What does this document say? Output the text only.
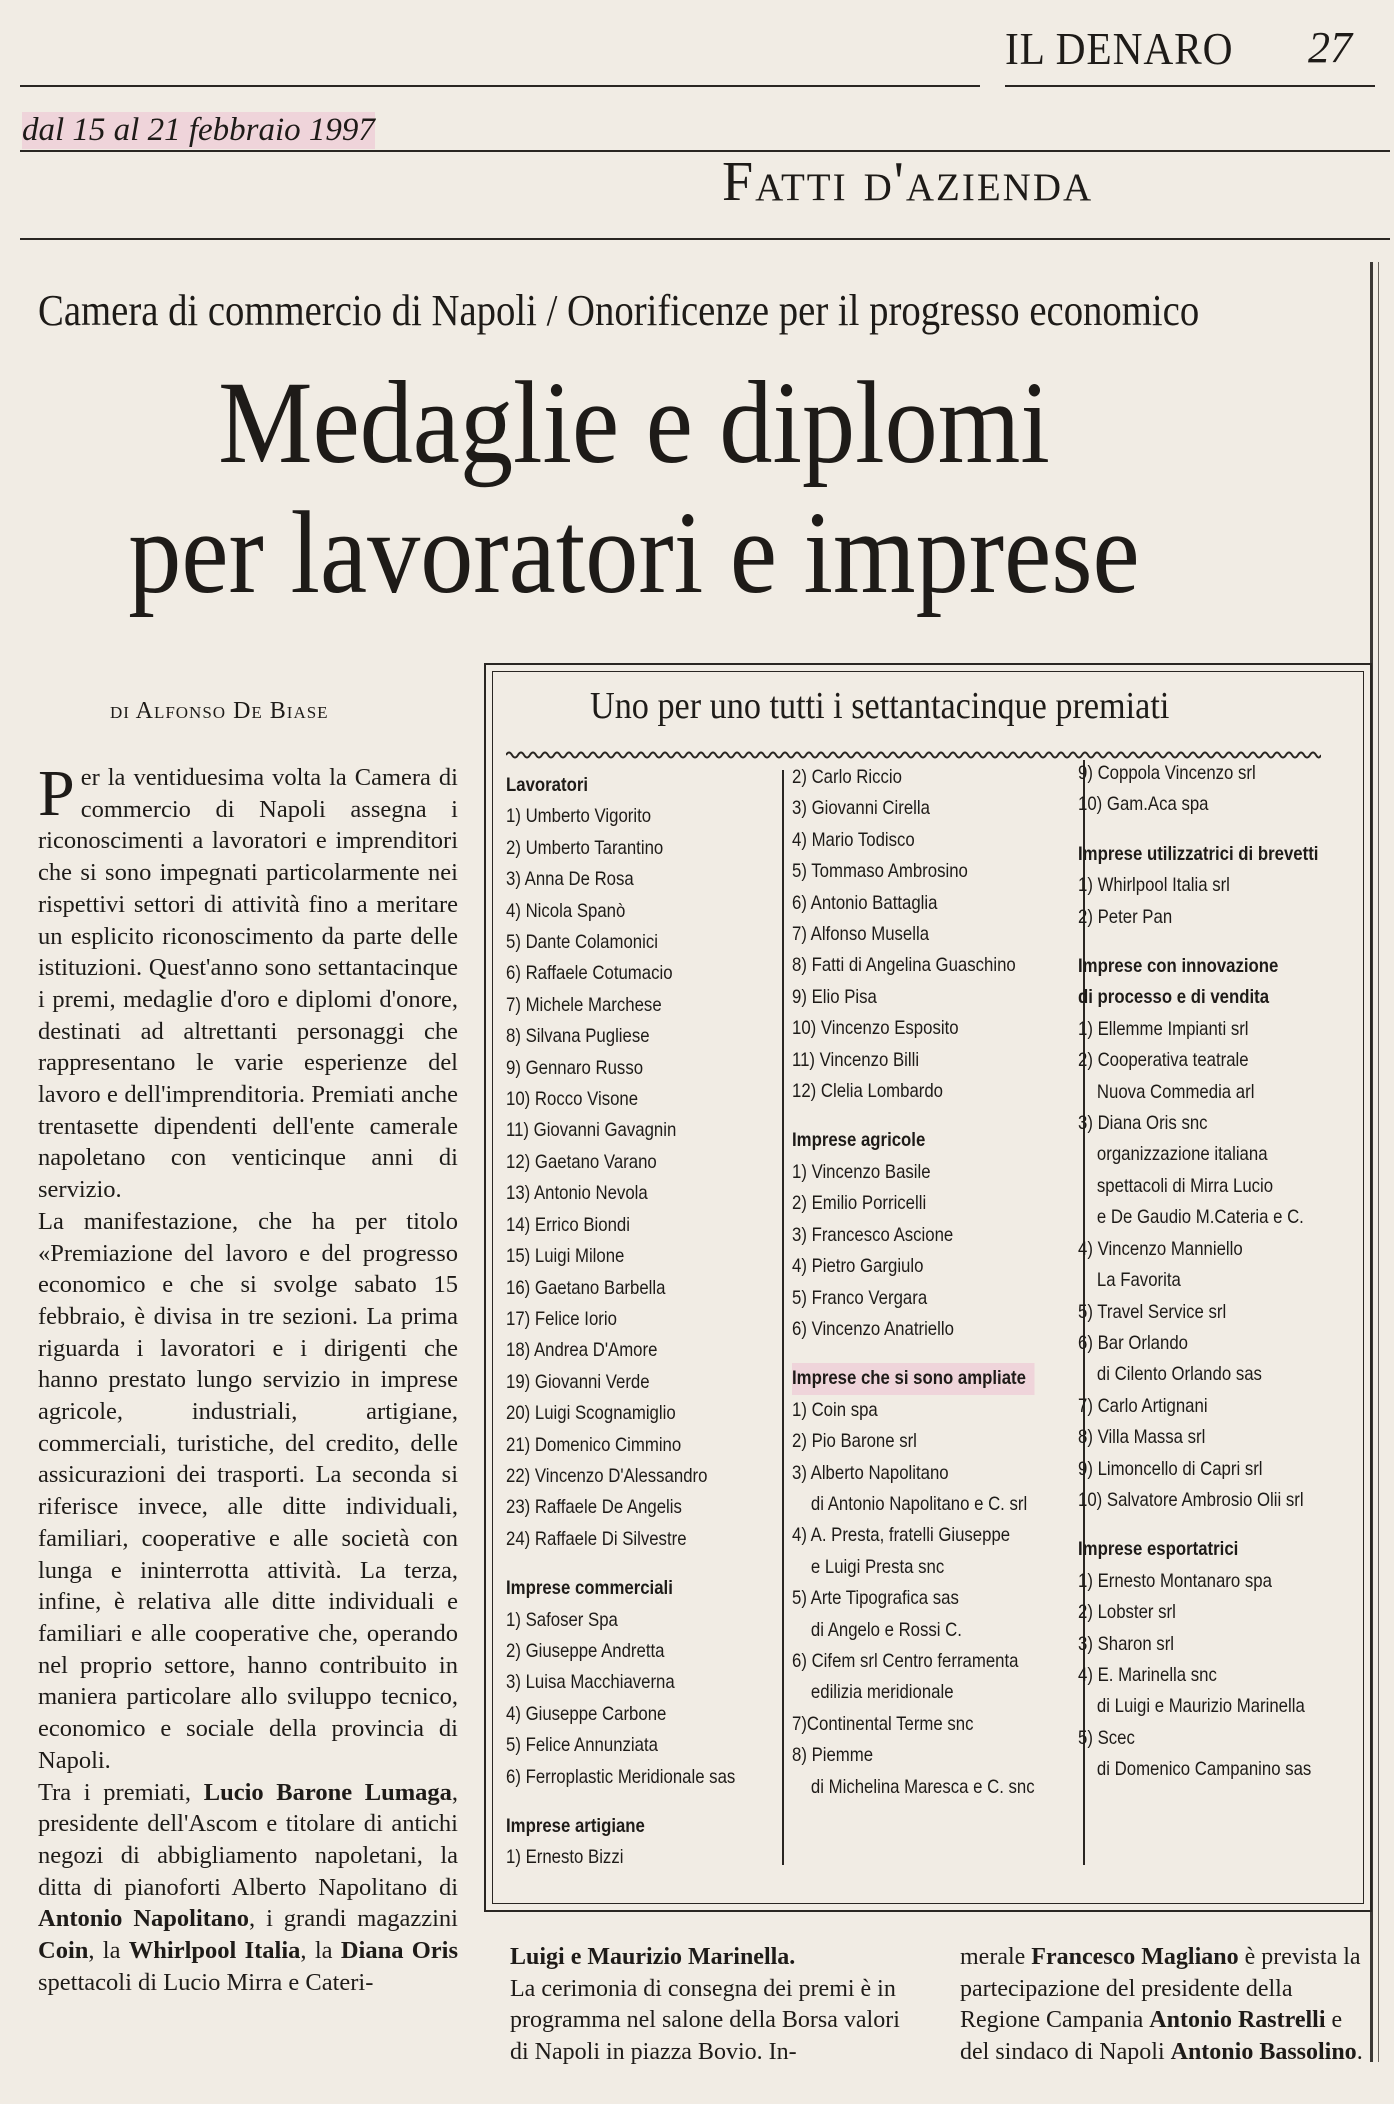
IL DENARO 27
dal 15 al 21 febbraio 1997
Fatti d'azienda
Camera di commercio di Napoli / Onorificenze per il progresso economico
Medaglie e diplomi
per lavoratori e imprese
di Alfonso De Biase

Per la ventiduesima volta la Camera di commercio di Napoli assegna i riconoscimenti a lavoratori e imprenditori che si sono impegnati particolarmente nei rispettivi settori di attività fino a meritare un esplicito riconoscimento da parte delle istituzioni. Quest'anno sono settantacinque i premi, medaglie d'oro e diplomi d'onore, destinati ad altrettanti personaggi che rappresentano le varie esperienze del lavoro e dell'imprenditoria. Premiati anche trentasette dipendenti dell'ente camerale napoletano con venticinque anni di servizio.

La manifestazione, che ha per titolo «Premiazione del lavoro e del progresso economico e che si svolge sabato 15 febbraio, è divisa in tre sezioni. La prima riguarda i lavoratori e i dirigenti che hanno prestato lungo servizio in imprese agricole, industriali, artigiane, commerciali, turistiche, del credito, delle assicurazioni dei trasporti. La seconda si riferisce invece, alle ditte individuali, familiari, cooperative e alle società con lunga e ininterrotta attività. La terza, infine, è relativa alle ditte individuali e familiari e alle cooperative che, operando nel proprio settore, hanno contribuito in maniera particolare allo sviluppo tecnico, economico e sociale della provincia di Napoli.

Tra i premiati, Lucio Barone Lumaga, presidente dell'Ascom e titolare di antichi negozi di abbigliamento napoletani, la ditta di pianoforti Alberto Napolitano di Antonio Napolitano, i grandi magazzini Coin, la Whirlpool Italia, la Diana Oris spettacoli di Lucio Mirra e Cateri-

Uno per uno tutti i settantacinque premiati
Lavoratori
1) Umberto Vigorito
2) Umberto Tarantino
3) Anna De Rosa
4) Nicola Spanò
5) Dante Colamonici
6) Raffaele Cotumacio
7) Michele Marchese
8) Silvana Pugliese
9) Gennaro Russo
10) Rocco Visone
11) Giovanni Gavagnin
12) Gaetano Varano
13) Antonio Nevola
14) Errico Biondi
15) Luigi Milone
16) Gaetano Barbella
17) Felice Iorio
18) Andrea D'Amore
19) Giovanni Verde
20) Luigi Scognamiglio
21) Domenico Cimmino
22) Vincenzo D'Alessandro
23) Raffaele De Angelis
24) Raffaele Di Silvestre
Imprese commerciali
1) Safoser Spa
2) Giuseppe Andretta
3) Luisa Macchiaverna
4) Giuseppe Carbone
5) Felice Annunziata
6) Ferroplastic Meridionale sas
Imprese artigiane
1) Ernesto Bizzi
2) Carlo Riccio
3) Giovanni Cirella
4) Mario Todisco
5) Tommaso Ambrosino
6) Antonio Battaglia
7) Alfonso Musella
8) Fatti di Angelina Guaschino
9) Elio Pisa
10) Vincenzo Esposito
11) Vincenzo Billi
12) Clelia Lombardo
Imprese agricole
1) Vincenzo Basile
2) Emilio Porricelli
3) Francesco Ascione
4) Pietro Gargiulo
5) Franco Vergara
6) Vincenzo Anatriello
Imprese che si sono ampliate
1) Coin spa
2) Pio Barone srl
3) Alberto Napolitano
di Antonio Napolitano e C. srl
4) A. Presta, fratelli Giuseppe
e Luigi Presta snc
5) Arte Tipografica sas
di Angelo e Rossi C.
6) Cifem srl Centro ferramenta
edilizia meridionale
7)Continental Terme snc
8) Piemme
di Michelina Maresca e C. snc
9) Coppola Vincenzo srl
10) Gam.Aca spa
Imprese utilizzatrici di brevetti
1) Whirlpool Italia srl
2) Peter Pan
Imprese con innovazione
di processo e di vendita
1) Ellemme Impianti srl
2) Cooperativa teatrale
Nuova Commedia arl
3) Diana Oris snc
organizzazione italiana
spettacoli di Mirra Lucio
e De Gaudio M.Cateria e C.
4) Vincenzo Manniello
La Favorita
5) Travel Service srl
6) Bar Orlando
di Cilento Orlando sas
7) Carlo Artignani
8) Villa Massa srl
9) Limoncello di Capri srl
10) Salvatore Ambrosio Olii srl
Imprese esportatrici
1) Ernesto Montanaro spa
2) Lobster srl
3) Sharon srl
4) E. Marinella snc
di Luigi e Maurizio Marinella
5) Scec
di Domenico Campanino sas
Luigi e Maurizio Marinella.
La cerimonia di consegna dei premi è in programma nel salone della Borsa valori di Napoli in piazza Bovio. In-
merale Francesco Magliano è prevista la partecipazione del presidente della Regione Campania Antonio Rastrelli e del sindaco di Napoli Antonio Bassolino.
